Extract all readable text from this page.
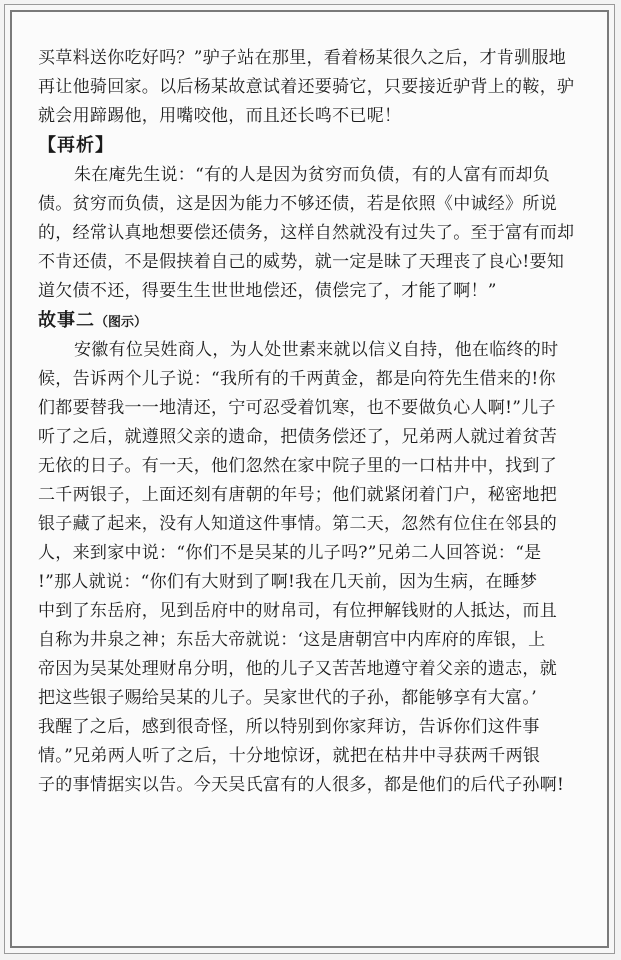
买草料送你吃好吗？”驴子站在那里，看着杨某很久之后，才肯驯服地
再让他骑回家。以后杨某故意试着还要骑它，只要接近驴背上的鞍，驴
就会用蹄踢他，用嘴咬他，而且还长鸣不已呢！
【再析】
朱在庵先生说：“有的人是因为贫穷而负债，有的人富有而却负
债。贫穷而负债，这是因为能力不够还债，若是依照《中诚经》所说
的，经常认真地想要偿还债务，这样自然就没有过失了。至于富有而却
不肯还债，不是假挟着自己的威势，就一定是昧了天理丧了良心!要知
道欠债不还，得要生生世世地偿还，债偿完了，才能了啊！”
故事二（图示）
安徽有位吴姓商人，为人处世素来就以信义自持，他在临终的时
候，告诉两个儿子说：“我所有的千两黄金，都是向符先生借来的!你
们都要替我一一地清还，宁可忍受着饥寒，也不要做负心人啊!”儿子
听了之后，就遵照父亲的遗命，把债务偿还了，兄弟两人就过着贫苦
无依的日子。有一天，他们忽然在家中院子里的一口枯井中，找到了
二千两银子，上面还刻有唐朝的年号；他们就紧闭着门户，秘密地把
银子藏了起来，没有人知道这件事情。第二天，忽然有位住在邻县的
人，来到家中说：“你们不是吴某的儿子吗?”兄弟二人回答说：“是
!”那人就说：“你们有大财到了啊!我在几天前，因为生病，在睡梦
中到了东岳府，见到岳府中的财帛司，有位押解钱财的人抵达，而且
自称为井泉之神；东岳大帝就说：‘这是唐朝宫中内库府的库银，上
帝因为吴某处理财帛分明，他的儿子又苦苦地遵守着父亲的遗志，就
把这些银子赐给吴某的儿子。吴家世代的子孙，都能够享有大富。’
我醒了之后，感到很奇怪，所以特别到你家拜访，告诉你们这件事
情。”兄弟两人听了之后，十分地惊讶，就把在枯井中寻获两千两银
子的事情据实以告。今天吴氏富有的人很多，都是他们的后代子孙啊!
